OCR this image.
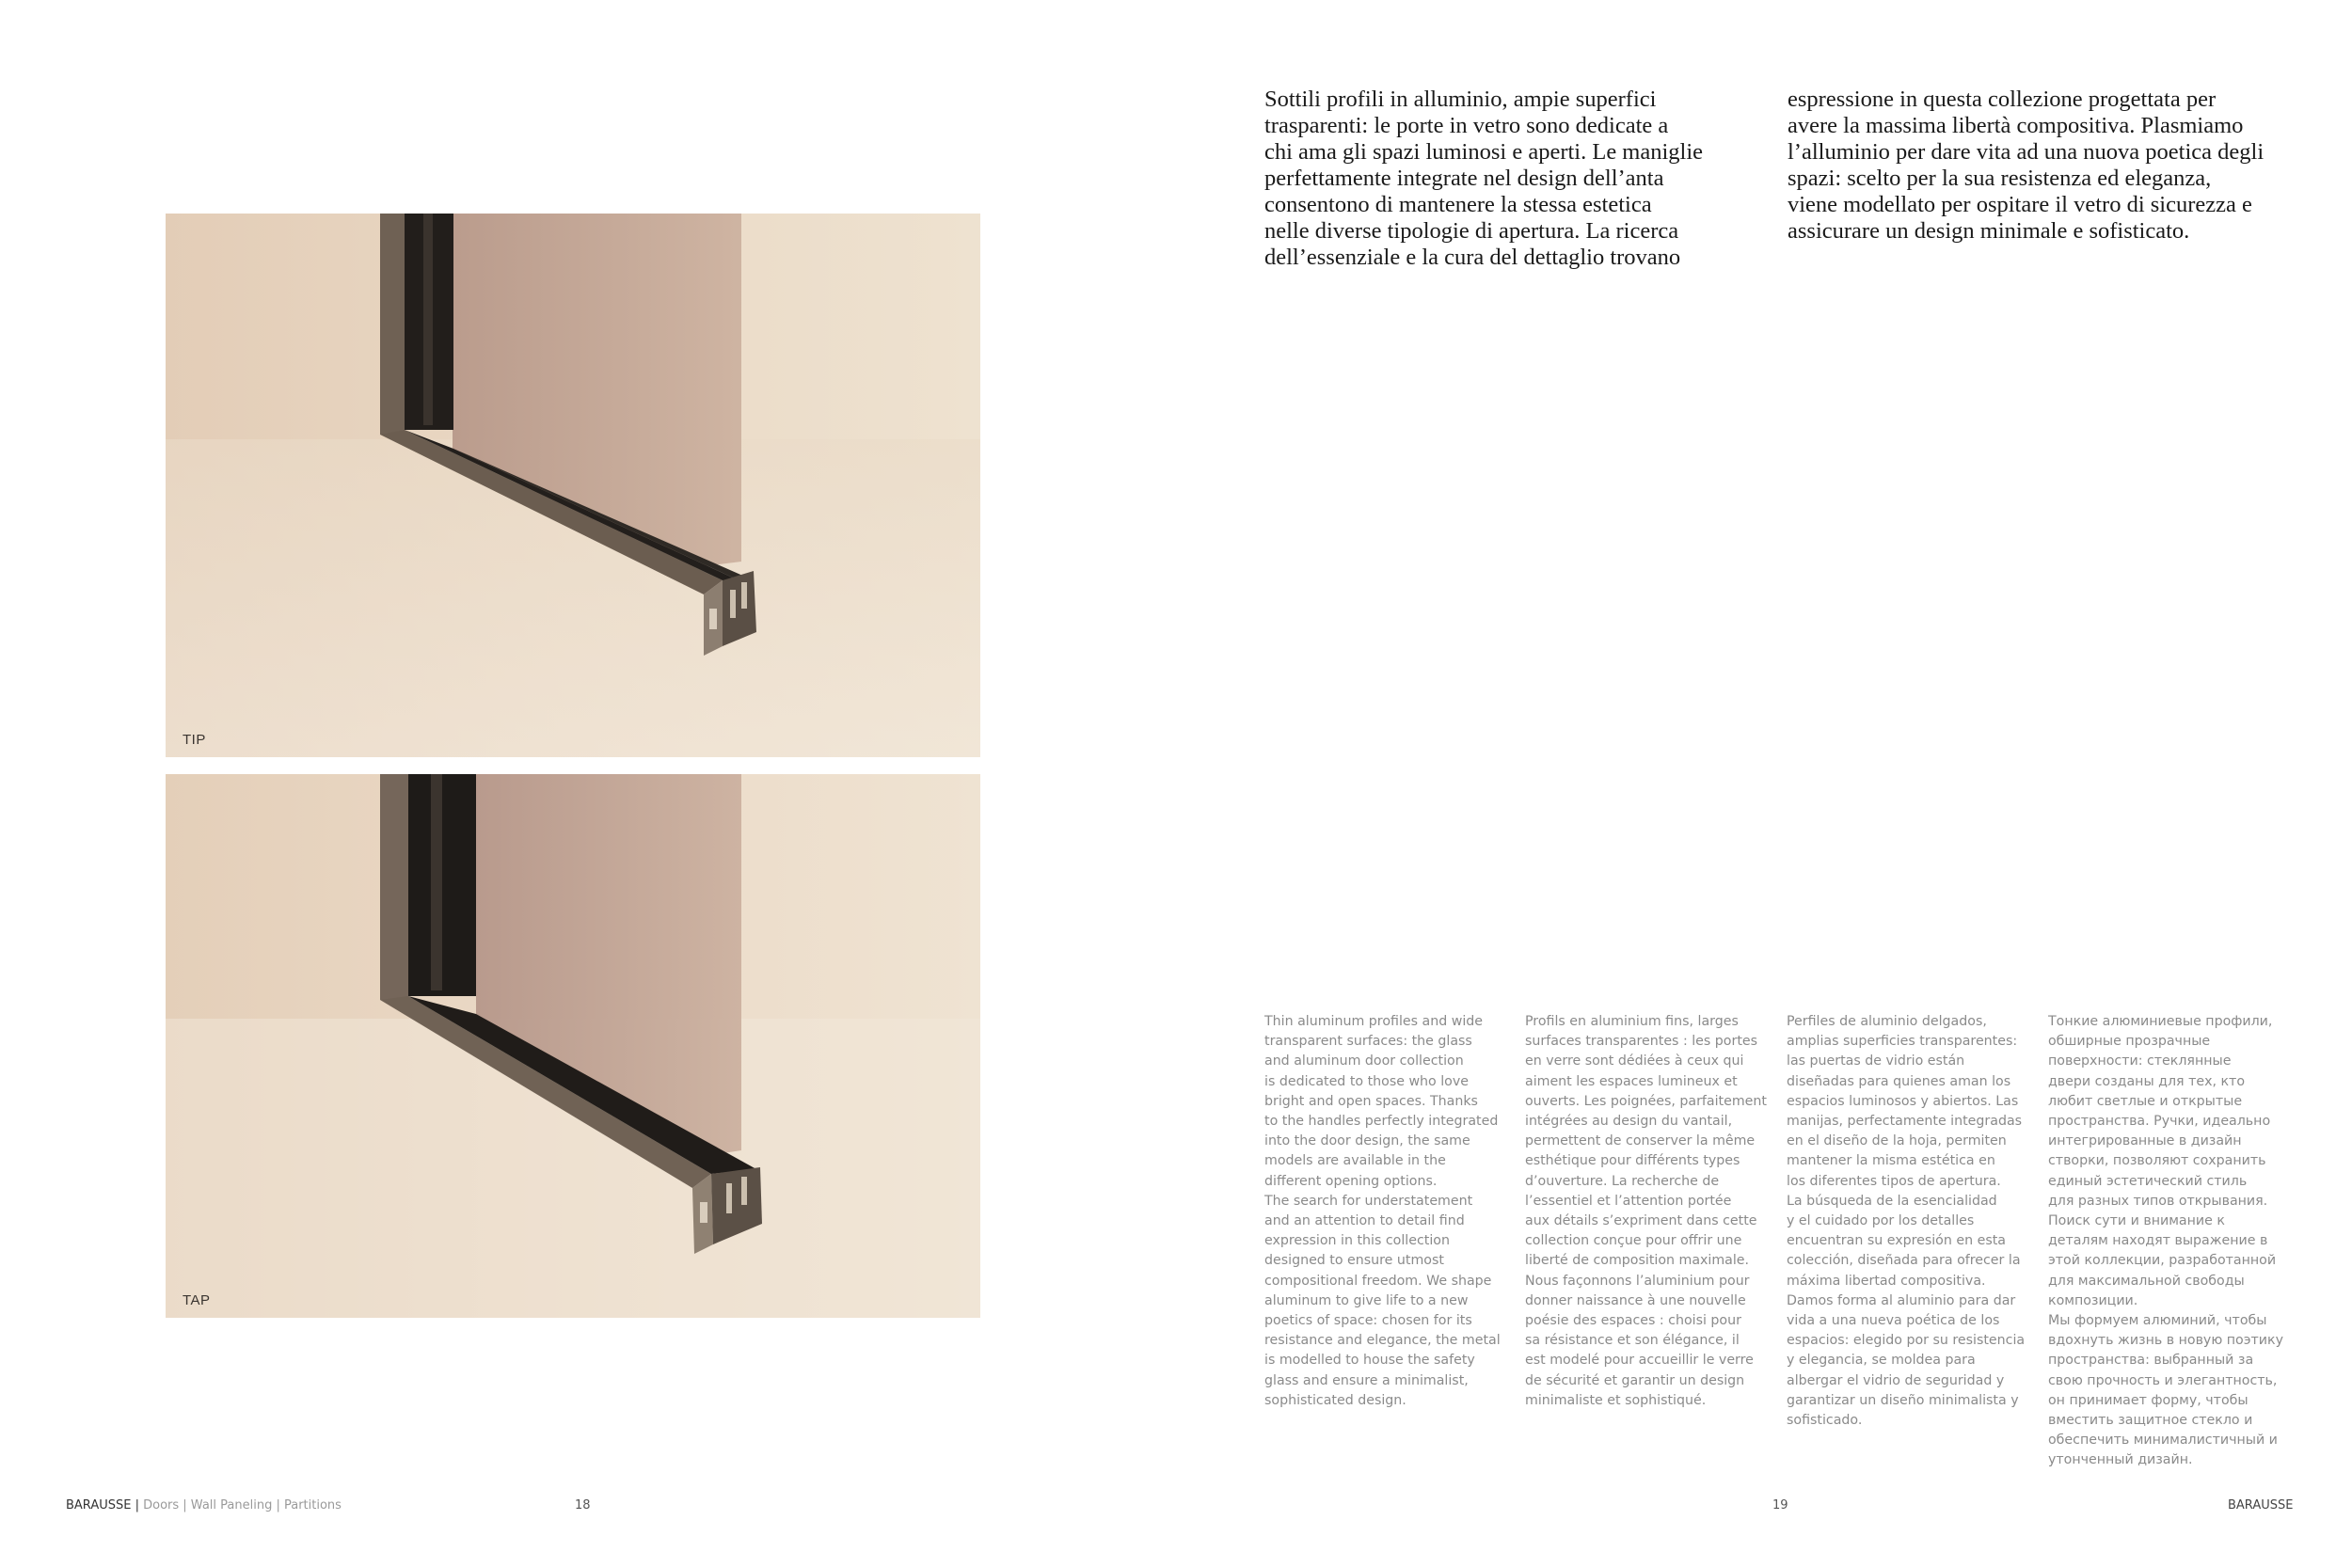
TIP
TAP

Sottili profili in alluminio, ampie superfici
trasparenti: le porte in vetro sono dedicate a
chi ama gli spazi luminosi e aperti. Le maniglie
perfettamente integrate nel design dell’anta
consentono di mantenere la stessa estetica
nelle diverse tipologie di apertura. La ricerca
dell’essenziale e la cura del dettaglio trovano

espressione in questa collezione progettata per
avere la massima libertà compositiva. Plasmiamo
l’alluminio per dare vita ad una nuova poetica degli
spazi: scelto per la sua resistenza ed eleganza,
viene modellato per ospitare il vetro di sicurezza e
assicurare un design minimale e sofisticato.

Thin aluminum profiles and wide
transparent surfaces: the glass
and aluminum door collection
is dedicated to those who love
bright and open spaces. Thanks
to the handles perfectly integrated
into the door design, the same
models are available in the
different opening options.
The search for understatement
and an attention to detail find
expression in this collection
designed to ensure utmost
compositional freedom. We shape
aluminum to give life to a new
poetics of space: chosen for its
resistance and elegance, the metal
is modelled to house the safety
glass and ensure a minimalist,
sophisticated design.

Profils en aluminium fins, larges
surfaces transparentes : les portes
en verre sont dédiées à ceux qui
aiment les espaces lumineux et
ouverts. Les poignées, parfaitement
intégrées au design du vantail,
permettent de conserver la même
esthétique pour différents types
d’ouverture. La recherche de
l’essentiel et l’attention portée
aux détails s’expriment dans cette
collection conçue pour offrir une
liberté de composition maximale.
Nous façonnons l’aluminium pour
donner naissance à une nouvelle
poésie des espaces : choisi pour
sa résistance et son élégance, il
est modelé pour accueillir le verre
de sécurité et garantir un design
minimaliste et sophistiqué.

Perfiles de aluminio delgados,
amplias superficies transparentes:
las puertas de vidrio están
diseñadas para quienes aman los
espacios luminosos y abiertos. Las
manijas, perfectamente integradas
en el diseño de la hoja, permiten
mantener la misma estética en
los diferentes tipos de apertura.
La búsqueda de la esencialidad
y el cuidado por los detalles
encuentran su expresión en esta
colección, diseñada para ofrecer la
máxima libertad compositiva.
Damos forma al aluminio para dar
vida a una nueva poética de los
espacios: elegido por su resistencia
y elegancia, se moldea para
albergar el vidrio de seguridad y
garantizar un diseño minimalista y
sofisticado.

Тонкие алюминиевые профили,
обширные прозрачные
поверхности: стеклянные
двери созданы для тех, кто
любит светлые и открытые
пространства. Ручки, идеально
интегрированные в дизайн
створки, позволяют сохранить
единый эстетический стиль
для разных типов открывания.
Поиск сути и внимание к
деталям находят выражение в
этой коллекции, разработанной
для максимальной свободы
композиции.
Мы формуем алюминий, чтобы
вдохнуть жизнь в новую поэтику
пространства: выбранный за
свою прочность и элегантность,
он принимает форму, чтобы
вместить защитное стекло и
обеспечить минималистичный и
утонченный дизайн.

BARAUSSE | Doors | Wall Paneling | Partitions	18	19	BARAUSSE
